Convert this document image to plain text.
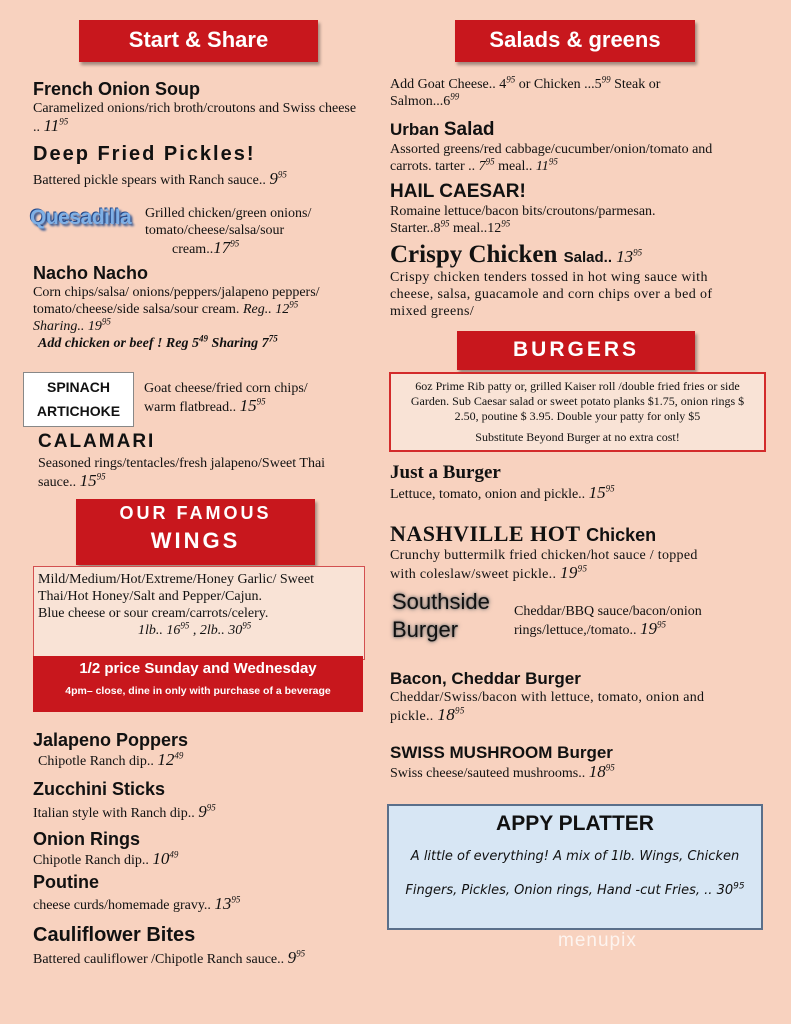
Start & Share
French Onion Soup
Caramelized onions/rich broth/croutons and Swiss cheese .. $11^{95}$
Deep Fried Pickles!
Battered pickle spears with Ranch sauce.. $9^{95}$
Quesadilla Grilled chicken/green onions/
tomato/cheese/salsa/sour
cream..17$^{95}$
Nacho Nacho
Corn chips/salsa/ onions/peppers/jalapeno peppers/
tomato/cheese/side salsa/sour cream. Reg.. $12^{95}$
Sharing.. $19^{95}$
Add chicken or beef ! Reg $5^{49}$ Sharing $7^{75}$
SPINACH
ARTICHOKE
Goat cheese/fried corn chips/
warm flatbread.. $15^{95}$
CALAMARI
Seasoned rings/tentacles/fresh jalapeno/Sweet Thai
sauce.. $15^{95}$
OUR FAMOUS
WINGS
Mild/Medium/Hot/Extreme/Honey Garlic/ Sweet
Thai/Hot Honey/Salt and Pepper/Cajun.
Blue cheese or sour cream/carrots/celery.
1lb.. $16^{95}$ , 2lb.. $30^{95}$
1/2 price Sunday and Wednesday
4pm– close, dine in only with purchase of a beverage
Jalapeno Poppers
Chipotle Ranch dip.. $12^{49}$
Zucchini Sticks
Italian style with Ranch dip.. $9^{95}$
Onion Rings
Chipotle Ranch dip.. $10^{49}$
Poutine
cheese curds/homemade gravy.. $13^{95}$
Cauliflower Bites
Battered cauliflower /Chipotle Ranch sauce.. $9^{95}$
Salads & greens
Add Goat Cheese.. $4^{95}$ or Chicken ...5$^{99}$ Steak or
Salmon...6$^{99}$
Urban Salad
Assorted greens/red cabbage/cucumber/onion/tomato and
carrots. tarter .. $7^{95}$ meal.. $11^{95}$
HAIL CAESAR!
Romaine lettuce/bacon bits/croutons/parmesan.
$Starter..8^{95}$ meal..12$^{95}$
Crispy Chicken Salad.. $13^{95}$
Crispy chicken tenders tossed in hot wing sauce with
cheese, salsa, guacamole and corn chips over a bed of
mixed greens/
BURGERS
6oz Prime Rib patty or, grilled Kaiser roll /double fried fries or side
Garden. Sub Caesar salad or sweet potato planks $1.75, onion rings $
2.50, poutine $ 3.95. Double your patty for only $5
Substitute Beyond Burger at no extra cost!
Just a Burger
Lettuce, tomato, onion and pickle.. $15^{95}$
NASHVILLE HOT Chicken
Crunchy buttermilk fried chicken/hot sauce / topped
with coleslaw/sweet pickle.. $19^{95}$
Southside
Burger
Cheddar/BBQ sauce/bacon/onion
rings/lettuce,/tomato.. $19^{95}$
Bacon, Cheddar Burger
Cheddar/Swiss/bacon with lettuce, tomato, onion and
pickle.. $18^{95}$
SWISS MUSHROOM Burger
Swiss cheese/sauteed mushrooms.. $18^{95}$
APPY PLATTER
A little of everything! A mix of 1lb. Wings, Chicken
Fingers, Pickles, Onion rings, Hand -cut Fries, .. $30^{95}$
menupix
